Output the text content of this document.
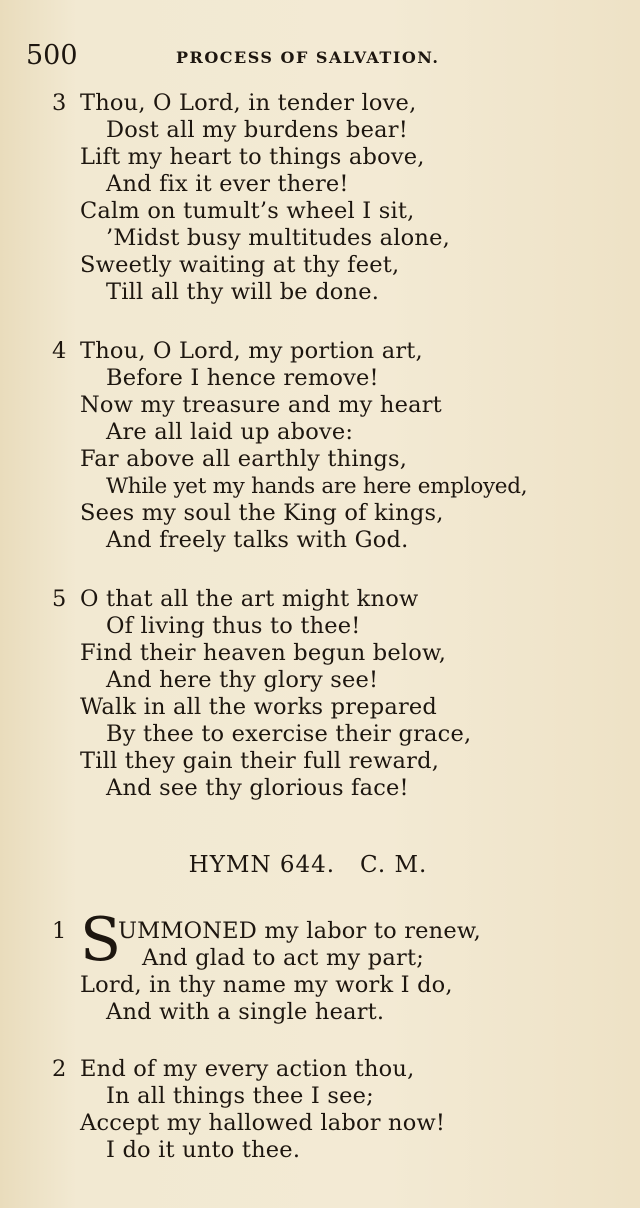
500	PROCESS OF SALVATION.
3 Thou, O Lord, in tender love,
Dost all my burdens bear!
Lift my heart to things above,
And fix it ever there!
Calm on tumult’s wheel I sit,
’Midst busy multitudes alone,
Sweetly waiting at thy feet,
Till all thy will be done.
4 Thou, O Lord, my portion art,
Before I hence remove!
Now my treasure and my heart
Are all laid up above:
Far above all earthly things,
While yet my hands are here employed,
Sees my soul the King of kings,
And freely talks with God.
5 O that all the art might know
Of living thus to thee!
Find their heaven begun below,
And here thy glory see!
Walk in all the works prepared
By thee to exercise their grace,
Till they gain their full reward,
And see thy glorious face!
HYMN 644.   C. M.
1 UMMONED my labor to renew,
And glad to act my part;
Lord, in thy name my work I do,
And with a single heart.
S
2 End of my every action thou,
In all things thee I see;
Accept my hallowed labor now!
I do it unto thee.
